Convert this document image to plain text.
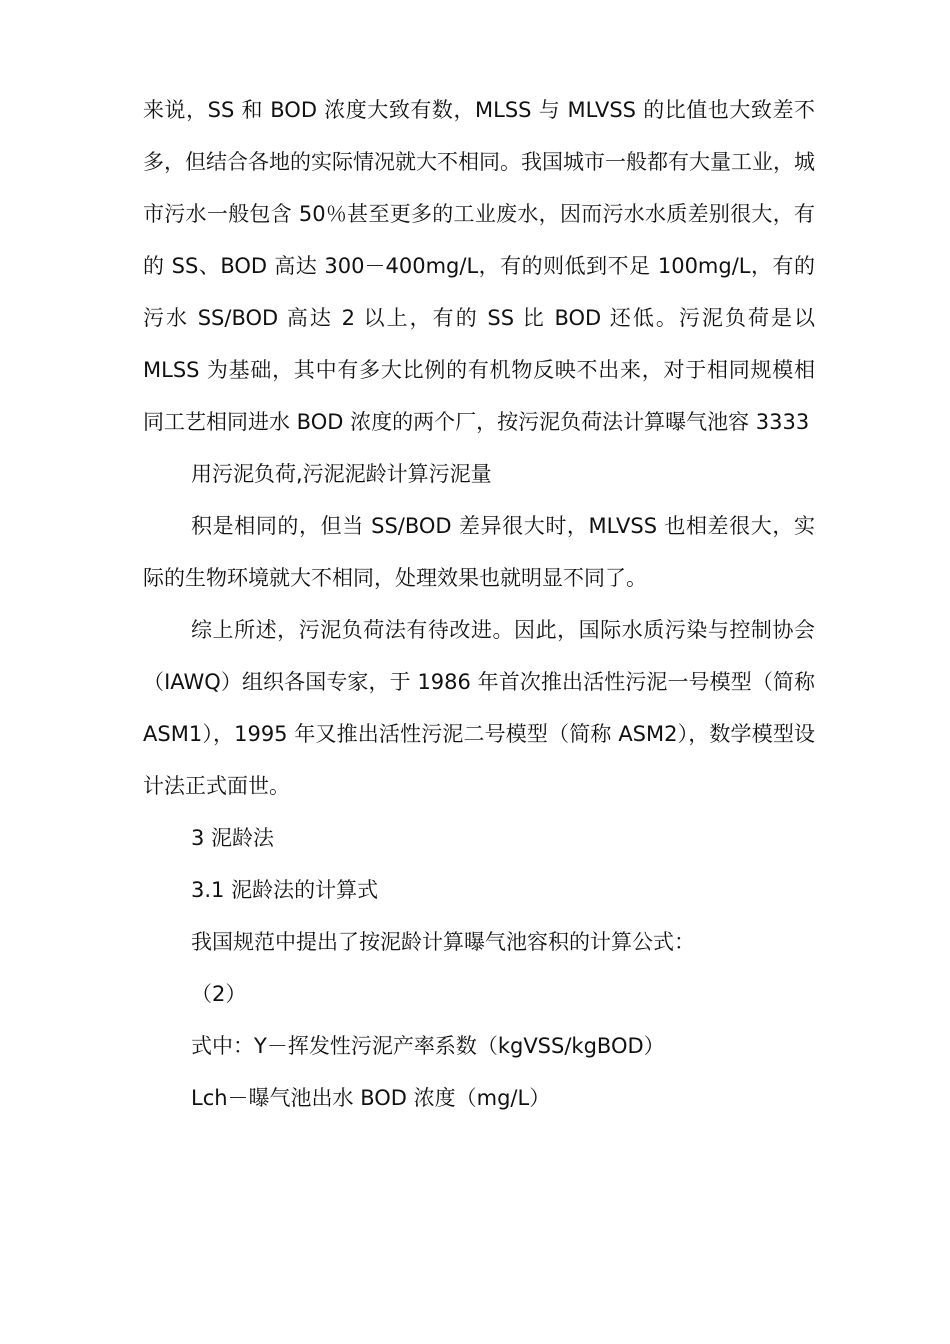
来说，SS 和 BOD 浓度大致有数，MLSS 与 MLVSS 的比值也大致差不多，但结合各地的实际情况就大不相同。我国城市一般都有大量工业，城市污水一般包含 50％甚至更多的工业废水，因而污水水质差别很大，有的 SS、BOD 高达 300－400mg/L，有的则低到不足 100mg/L，有的污水 SS/BOD 高达 2 以上，有的 SS 比 BOD 还低。污泥负荷是以 MLSS 为基础，其中有多大比例的有机物反映不出来，对于相同规模相同工艺相同进水 BOD 浓度的两个厂，按污泥负荷法计算曝气池容 3333

用污泥负荷,污泥泥龄计算污泥量

积是相同的，但当 SS/BOD 差异很大时，MLVSS 也相差很大，实际的生物环境就大不相同，处理效果也就明显不同了。

综上所述，污泥负荷法有待改进。因此，国际水质污染与控制协会（IAWQ）组织各国专家，于 1986 年首次推出活性污泥一号模型（简称 ASM1），1995 年又推出活性污泥二号模型（简称 ASM2），数学模型设计法正式面世。

3 泥龄法

3.1 泥龄法的计算式

我国规范中提出了按泥龄计算曝气池容积的计算公式：

（2）

式中：Y－挥发性污泥产率系数（kgVSS/kgBOD）

Lch－曝气池出水 BOD 浓度（mg/L）
